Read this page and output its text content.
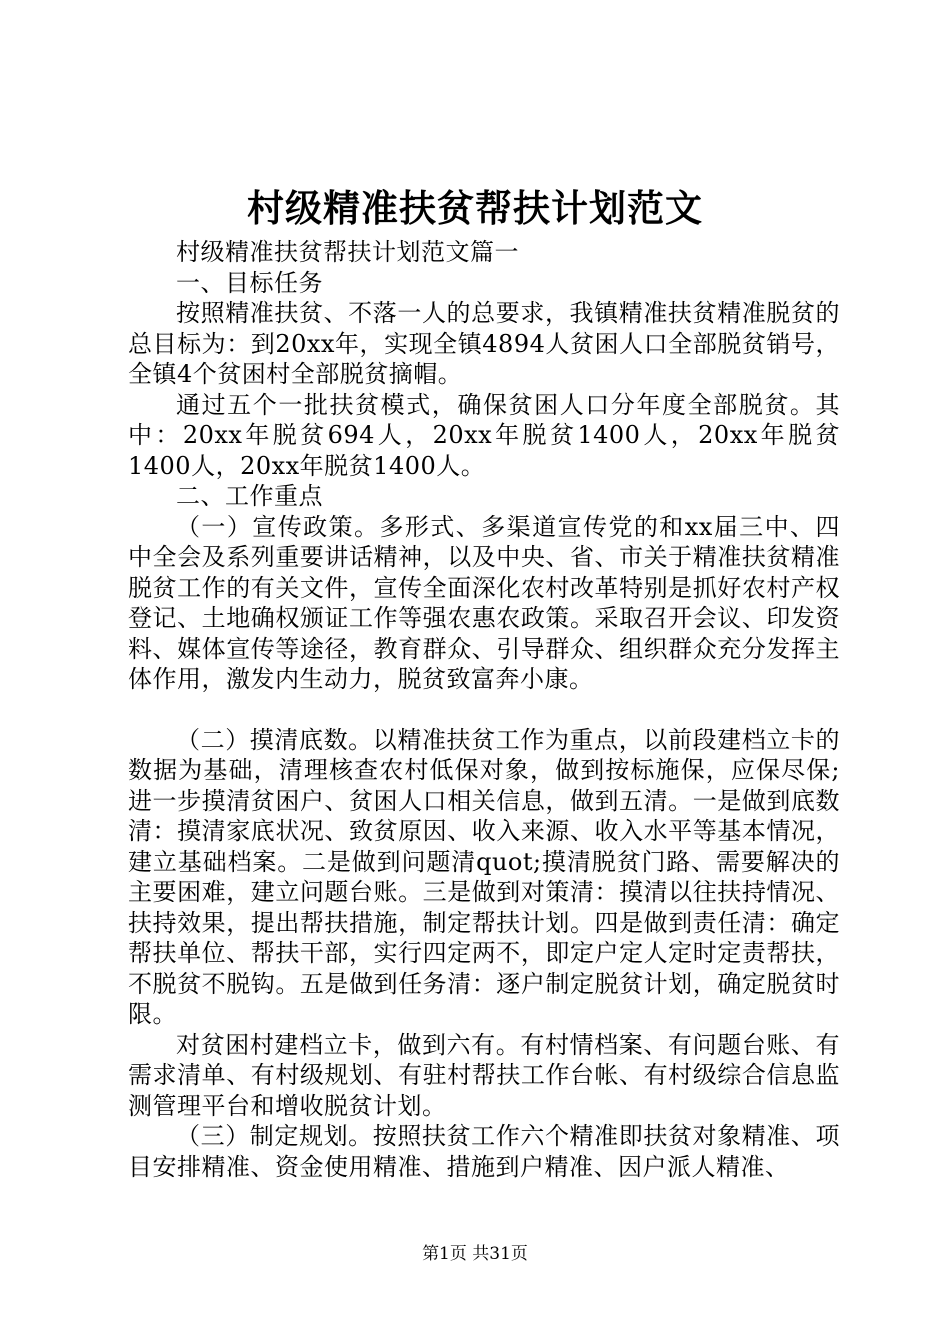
村级精准扶贫帮扶计划范文

村级精准扶贫帮扶计划范文篇一

一、目标任务

按照精准扶贫、不落一人的总要求，我镇精准扶贫精准脱贫的总目标为：到20xx年，实现全镇4894人贫困人口全部脱贫销号，全镇4个贫困村全部脱贫摘帽。

通过五个一批扶贫模式，确保贫困人口分年度全部脱贫。其中：20xx年脱贫694人，20xx年脱贫1400人，20xx年脱贫1400人，20xx年脱贫1400人。

二、工作重点

（一）宣传政策。多形式、多渠道宣传党的和xx届三中、四中全会及系列重要讲话精神，以及中央、省、市关于精准扶贫精准脱贫工作的有关文件，宣传全面深化农村改革特别是抓好农村产权登记、土地确权颁证工作等强农惠农政策。采取召开会议、印发资料、媒体宣传等途径，教育群众、引导群众、组织群众充分发挥主体作用，激发内生动力，脱贫致富奔小康。

（二）摸清底数。以精准扶贫工作为重点，以前段建档立卡的数据为基础，清理核查农村低保对象，做到按标施保，应保尽保;进一步摸清贫困户、贫困人口相关信息，做到五清。一是做到底数清：摸清家底状况、致贫原因、收入来源、收入水平等基本情况，建立基础档案。二是做到问题清quot;摸清脱贫门路、需要解决的主要困难，建立问题台账。三是做到对策清：摸清以往扶持情况、扶持效果，提出帮扶措施，制定帮扶计划。四是做到责任清：确定帮扶单位、帮扶干部，实行四定两不，即定户定人定时定责帮扶，不脱贫不脱钩。五是做到任务清：逐户制定脱贫计划，确定脱贫时限。

对贫困村建档立卡，做到六有。有村情档案、有问题台账、有需求清单、有村级规划、有驻村帮扶工作台帐、有村级综合信息监测管理平台和增收脱贫计划。

（三）制定规划。按照扶贫工作六个精准即扶贫对象精准、项目安排精准、资金使用精准、措施到户精准、因户派人精准、

第1页 共31页
